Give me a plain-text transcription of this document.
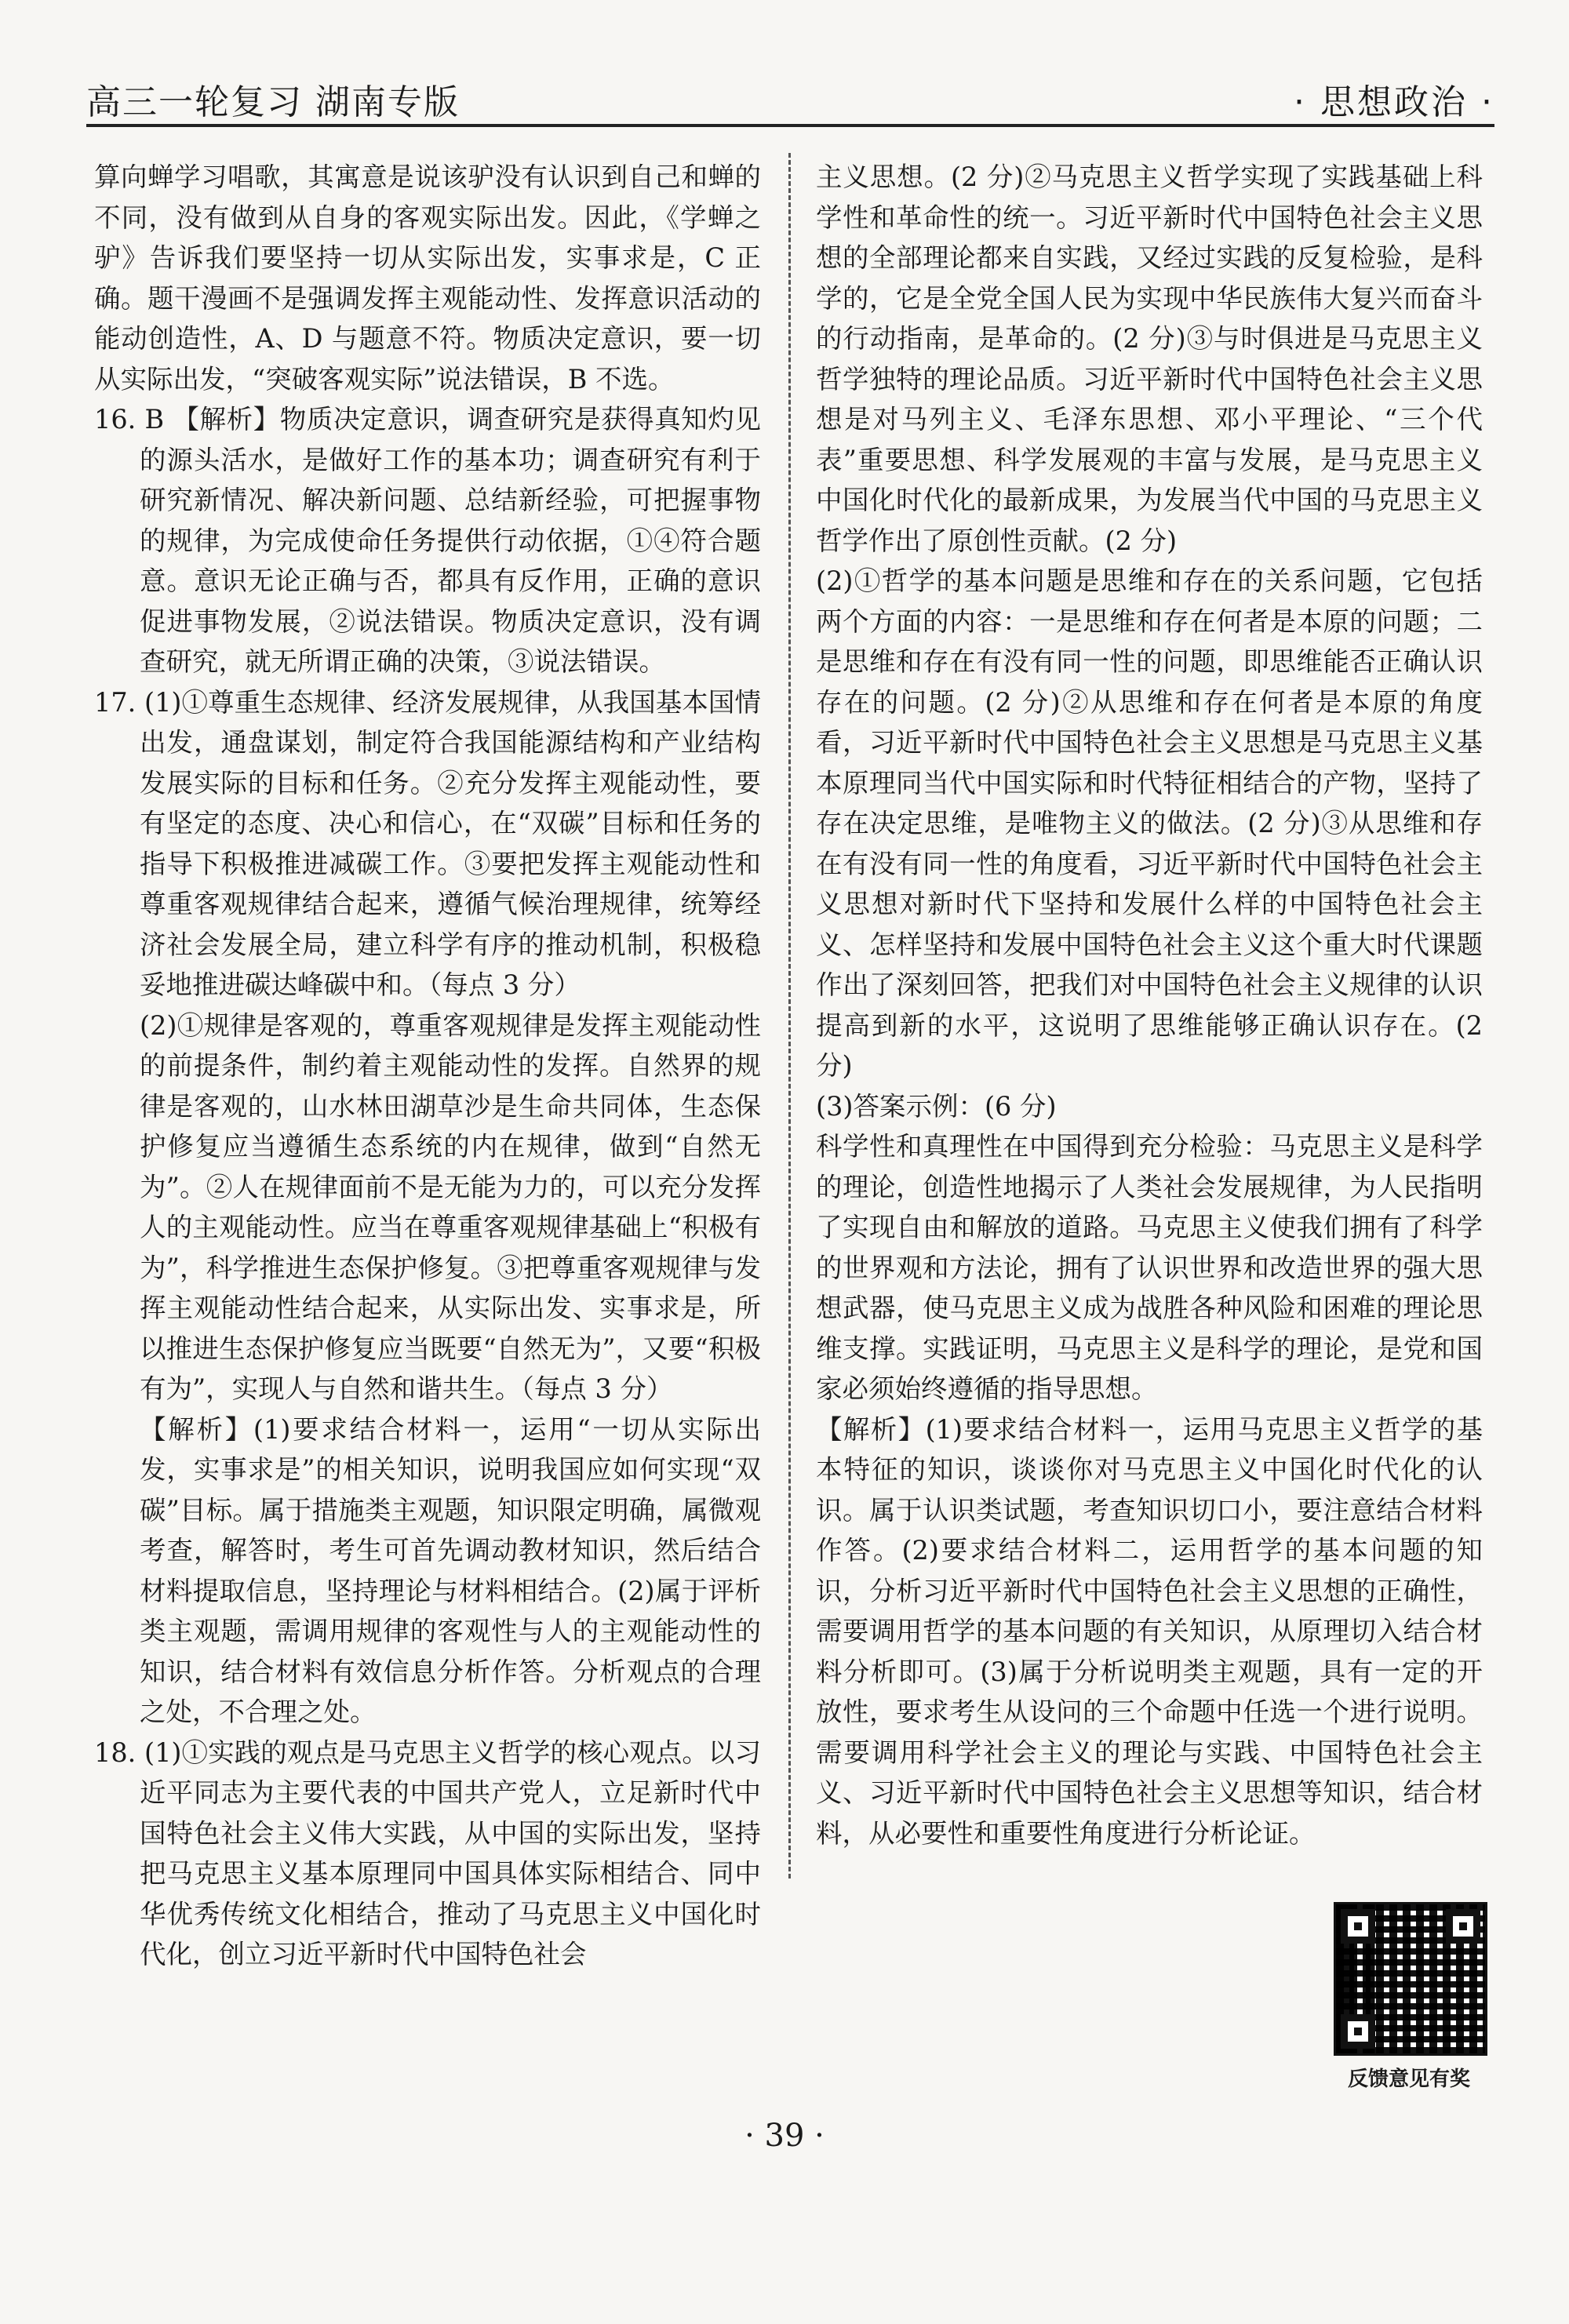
高三一轮复习 湖南专版	· 思想政治 ·

算向蝉学习唱歌，其寓意是说该驴没有认识到自己和蝉的不同，没有做到从自身的客观实际出发。因此，《学蝉之驴》告诉我们要坚持一切从实际出发，实事求是，C 正确。题干漫画不是强调发挥主观能动性、发挥意识活动的能动创造性，A、D 与题意不符。物质决定意识，要一切从实际出发，“突破客观实际”说法错误，B 不选。

16. B 【解析】物质决定意识，调查研究是获得真知灼见的源头活水，是做好工作的基本功；调查研究有利于研究新情况、解决新问题、总结新经验，可把握事物的规律，为完成使命任务提供行动依据，①④符合题意。意识无论正确与否，都具有反作用，正确的意识促进事物发展，②说法错误。物质决定意识，没有调查研究，就无所谓正确的决策，③说法错误。

17. (1)①尊重生态规律、经济发展规律，从我国基本国情出发，通盘谋划，制定符合我国能源结构和产业结构发展实际的目标和任务。②充分发挥主观能动性，要有坚定的态度、决心和信心，在“双碳”目标和任务的指导下积极推进减碳工作。③要把发挥主观能动性和尊重客观规律结合起来，遵循气候治理规律，统筹经济社会发展全局，建立科学有序的推动机制，积极稳妥地推进碳达峰碳中和。（每点 3 分）

(2)①规律是客观的，尊重客观规律是发挥主观能动性的前提条件，制约着主观能动性的发挥。自然界的规律是客观的，山水林田湖草沙是生命共同体，生态保护修复应当遵循生态系统的内在规律，做到“自然无为”。②人在规律面前不是无能为力的，可以充分发挥人的主观能动性。应当在尊重客观规律基础上“积极有为”，科学推进生态保护修复。③把尊重客观规律与发挥主观能动性结合起来，从实际出发、实事求是，所以推进生态保护修复应当既要“自然无为”，又要“积极有为”，实现人与自然和谐共生。（每点 3 分）

【解析】(1)要求结合材料一，运用“一切从实际出发，实事求是”的相关知识，说明我国应如何实现“双碳”目标。属于措施类主观题，知识限定明确，属微观考查，解答时，考生可首先调动教材知识，然后结合材料提取信息，坚持理论与材料相结合。(2)属于评析类主观题，需调用规律的客观性与人的主观能动性的知识，结合材料有效信息分析作答。分析观点的合理之处，不合理之处。

18. (1)①实践的观点是马克思主义哲学的核心观点。以习近平同志为主要代表的中国共产党人，立足新时代中国特色社会主义伟大实践，从中国的实际出发，坚持把马克思主义基本原理同中国具体实际相结合、同中华优秀传统文化相结合，推动了马克思主义中国化时代化，创立习近平新时代中国特色社会

主义思想。(2 分)②马克思主义哲学实现了实践基础上科学性和革命性的统一。习近平新时代中国特色社会主义思想的全部理论都来自实践，又经过实践的反复检验，是科学的，它是全党全国人民为实现中华民族伟大复兴而奋斗的行动指南，是革命的。(2 分)③与时俱进是马克思主义哲学独特的理论品质。习近平新时代中国特色社会主义思想是对马列主义、毛泽东思想、邓小平理论、“三个代表”重要思想、科学发展观的丰富与发展，是马克思主义中国化时代化的最新成果，为发展当代中国的马克思主义哲学作出了原创性贡献。(2 分)

(2)①哲学的基本问题是思维和存在的关系问题，它包括两个方面的内容：一是思维和存在何者是本原的问题；二是思维和存在有没有同一性的问题，即思维能否正确认识存在的问题。(2 分)②从思维和存在何者是本原的角度看，习近平新时代中国特色社会主义思想是马克思主义基本原理同当代中国实际和时代特征相结合的产物，坚持了存在决定思维，是唯物主义的做法。(2 分)③从思维和存在有没有同一性的角度看，习近平新时代中国特色社会主义思想对新时代下坚持和发展什么样的中国特色社会主义、怎样坚持和发展中国特色社会主义这个重大时代课题作出了深刻回答，把我们对中国特色社会主义规律的认识提高到新的水平，这说明了思维能够正确认识存在。(2 分)

(3)答案示例：(6 分)

科学性和真理性在中国得到充分检验：马克思主义是科学的理论，创造性地揭示了人类社会发展规律，为人民指明了实现自由和解放的道路。马克思主义使我们拥有了科学的世界观和方法论，拥有了认识世界和改造世界的强大思想武器，使马克思主义成为战胜各种风险和困难的理论思维支撑。实践证明，马克思主义是科学的理论，是党和国家必须始终遵循的指导思想。

【解析】(1)要求结合材料一，运用马克思主义哲学的基本特征的知识，谈谈你对马克思主义中国化时代化的认识。属于认识类试题，考查知识切口小，要注意结合材料作答。(2)要求结合材料二，运用哲学的基本问题的知识，分析习近平新时代中国特色社会主义思想的正确性，需要调用哲学的基本问题的有关知识，从原理切入结合材料分析即可。(3)属于分析说明类主观题，具有一定的开放性，要求考生从设问的三个命题中任选一个进行说明。需要调用科学社会主义的理论与实践、中国特色社会主义、习近平新时代中国特色社会主义思想等知识，结合材料，从必要性和重要性角度进行分析论证。

反馈意见有奖
· 39 ·
